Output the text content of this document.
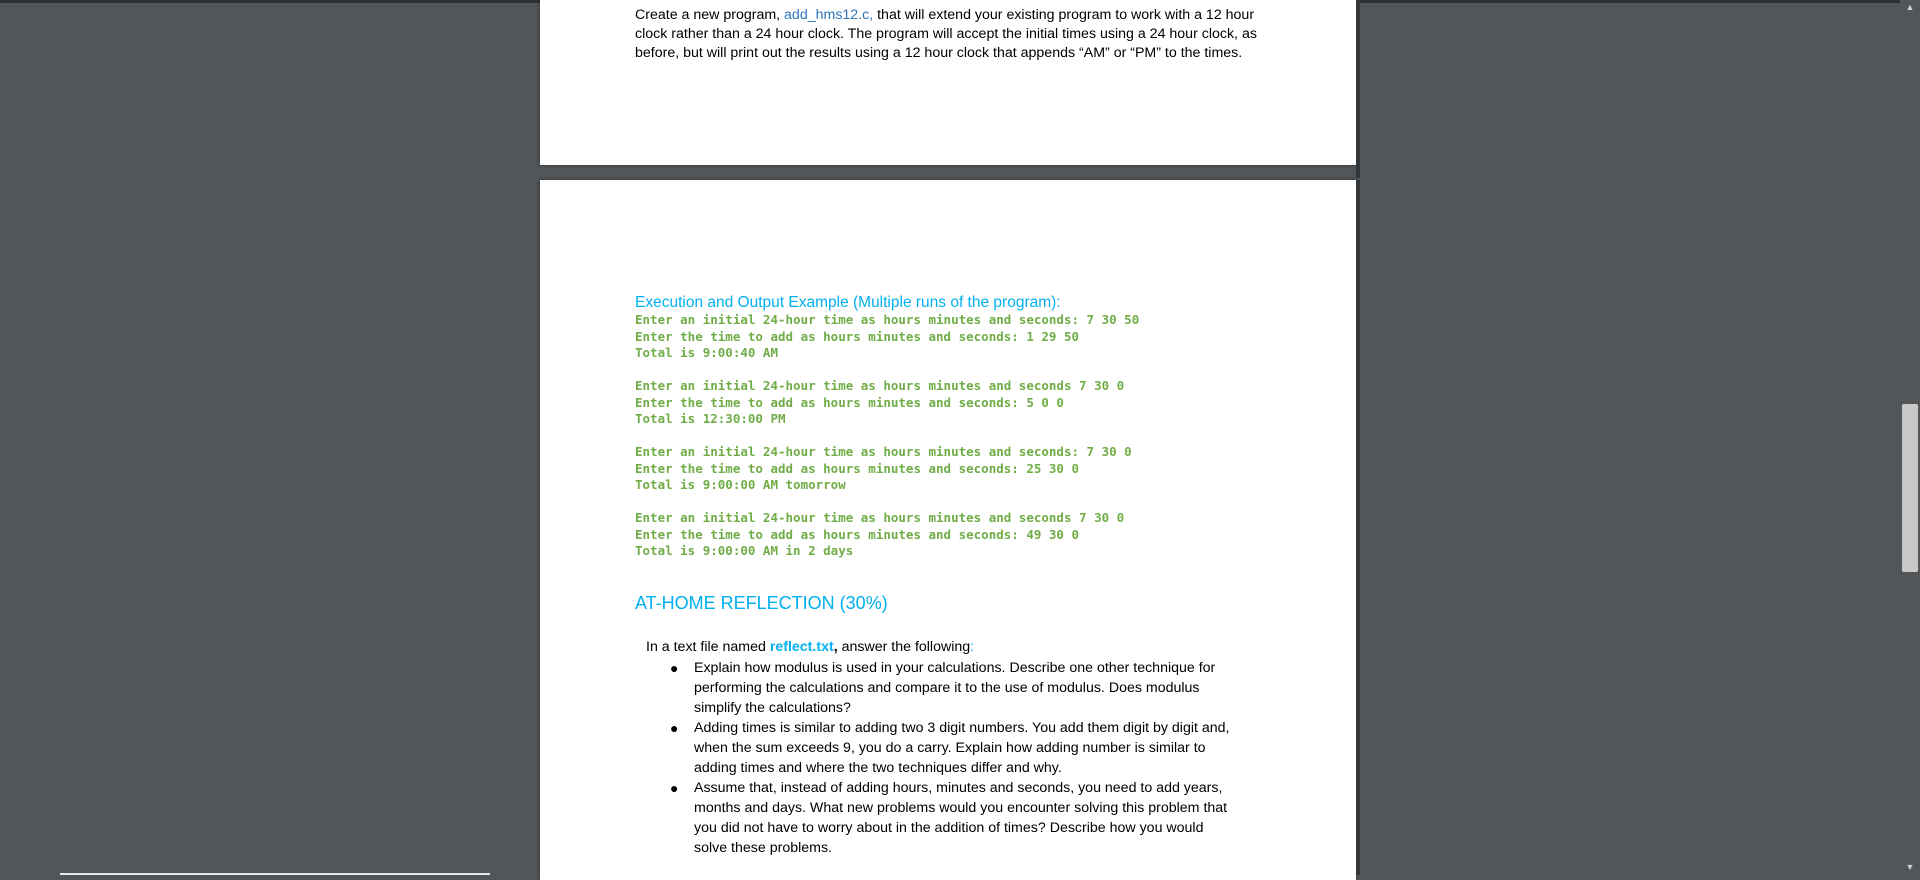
Create a new program, add_hms12.c, that will extend your existing program to work with a 12 hour clock rather than a 24 hour clock. The program will accept the initial times using a 24 hour clock, as before, but will print out the results using a 12 hour clock that appends “AM” or “PM” to the times.
Execution and Output Example (Multiple runs of the program):
Enter an initial 24-hour time as hours minutes and seconds: 7 30 50
Enter the time to add as hours minutes and seconds: 1 29 50
Total is 9:00:40 AM
Enter an initial 24-hour time as hours minutes and seconds 7 30 0
Enter the time to add as hours minutes and seconds: 5 0 0
Total is 12:30:00 PM
Enter an initial 24-hour time as hours minutes and seconds: 7 30 0
Enter the time to add as hours minutes and seconds: 25 30 0
Total is 9:00:00 AM tomorrow
Enter an initial 24-hour time as hours minutes and seconds 7 30 0
Enter the time to add as hours minutes and seconds: 49 30 0
Total is 9:00:00 AM in 2 days
AT-HOME REFLECTION (30%)
In a text file named reflect.txt, answer the following:
● Explain how modulus is used in your calculations. Describe one other technique for performing the calculations and compare it to the use of modulus. Does modulus simplify the calculations?
● Adding times is similar to adding two 3 digit numbers. You add them digit by digit and, when the sum exceeds 9, you do a carry. Explain how adding number is similar to adding times and where the two techniques differ and why.
● Assume that, instead of adding hours, minutes and seconds, you need to add years, months and days. What new problems would you encounter solving this problem that you did not have to worry about in the addition of times? Describe how you would solve these problems.
▲
▼
